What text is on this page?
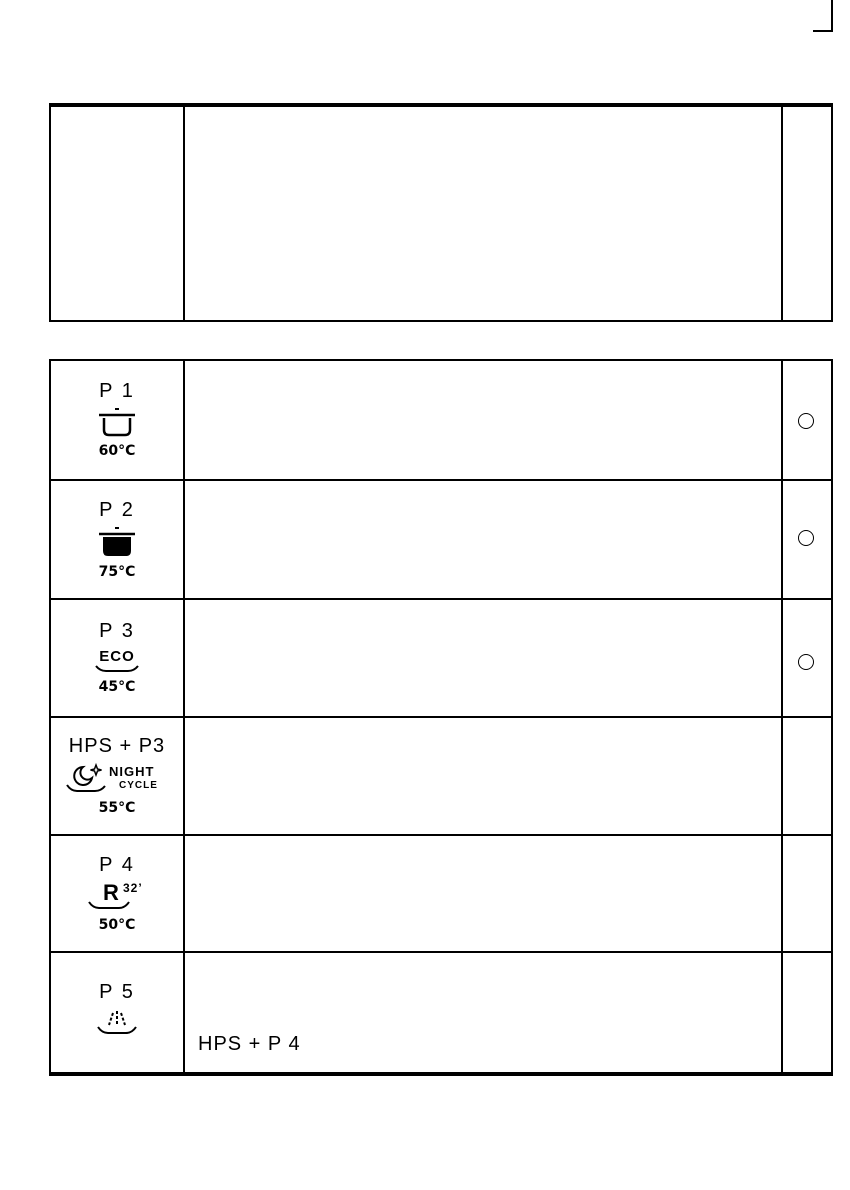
P 1
60°C
P 2
75°C
P 3
ECO
45°C
HPS + P3
NIGHT
CYCLE
55°C
P 4
R 32’
50°C
P 5
HPS + P 4
